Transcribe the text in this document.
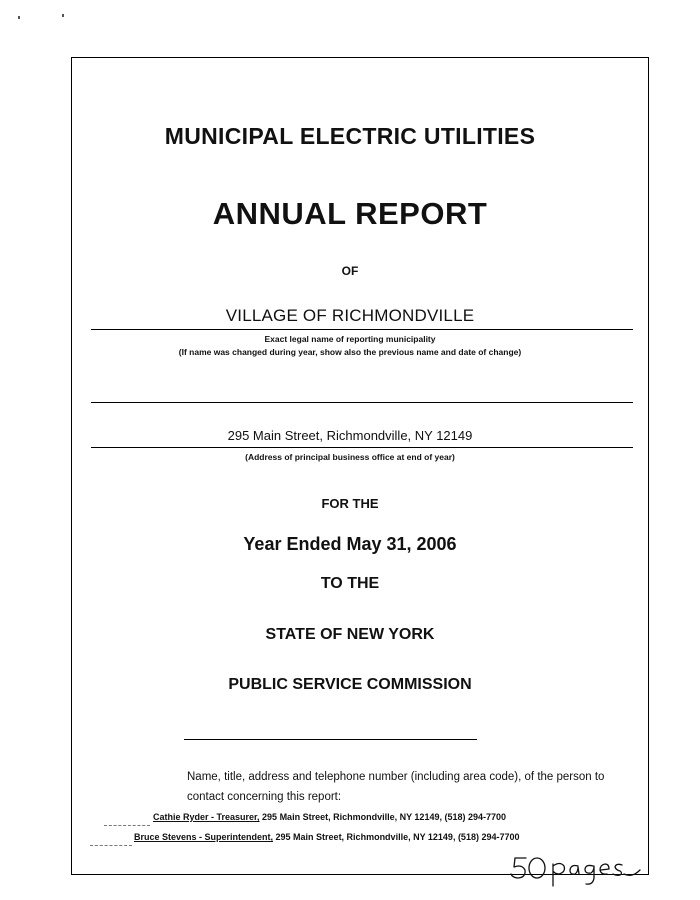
MUNICIPAL ELECTRIC UTILITIES
ANNUAL REPORT
OF
VILLAGE OF RICHMONDVILLE
Exact legal name of reporting municipality
(If name was changed during year, show also the previous name and date of change)
295 Main Street, Richmondville, NY 12149
(Address of principal business office at end of year)
FOR THE
Year Ended May 31, 2006
TO THE
STATE OF NEW YORK
PUBLIC SERVICE COMMISSION
Name, title, address and telephone number (including area code), of the person to contact concerning this report:
Cathie Ryder - Treasurer, 295 Main Street, Richmondville, NY 12149, (518) 294-7700
Bruce Stevens - Superintendent, 295 Main Street, Richmondville, NY 12149, (518) 294-7700
50 pages
